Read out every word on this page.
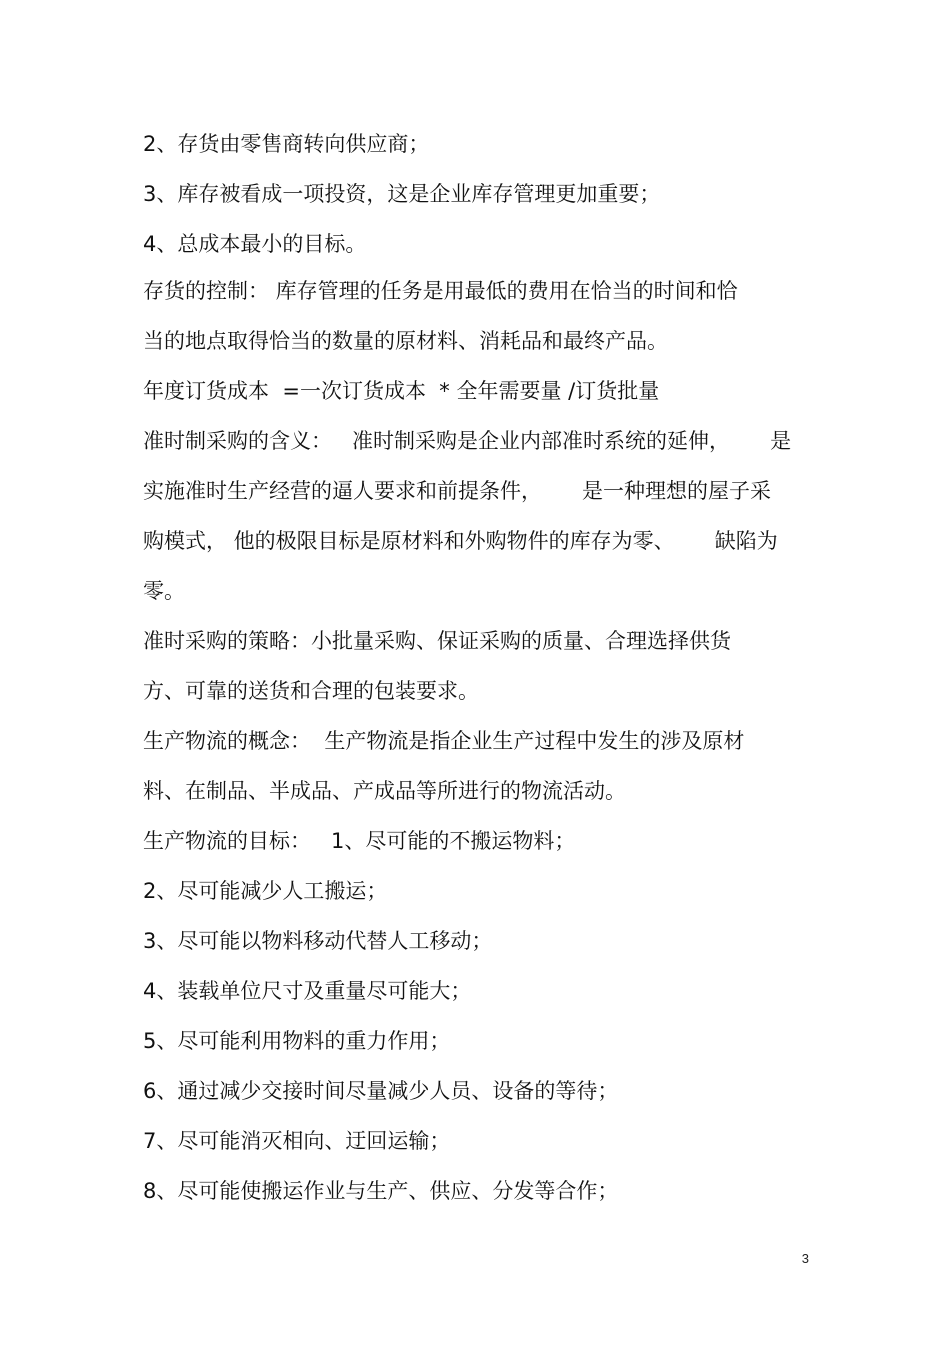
2、存货由零售商转向供应商；
3、库存被看成一项投资，这是企业库存管理更加重要；
4、总成本最小的目标。
存货的控制： 库存管理的任务是用最低的费用在恰当的时间和恰
当的地点取得恰当的数量的原材料、消耗品和最终产品。
年度订货成本  =一次订货成本  * 全年需要量 /订货批量
准时制采购的含义：   准时制采购是企业内部准时系统的延伸，      是
实施准时生产经营的逼人要求和前提条件，      是一种理想的屋子采
购模式， 他的极限目标是原材料和外购物件的库存为零、      缺陷为
零。
准时采购的策略：小批量采购、保证采购的质量、合理选择供货
方、可靠的送货和合理的包装要求。
生产物流的概念：  生产物流是指企业生产过程中发生的涉及原材
料、在制品、半成品、产成品等所进行的物流活动。
生产物流的目标：   1、尽可能的不搬运物料；
2、尽可能减少人工搬运；
3、尽可能以物料移动代替人工移动；
4、装载单位尺寸及重量尽可能大；
5、尽可能利用物料的重力作用；
6、通过减少交接时间尽量减少人员、设备的等待；
7、尽可能消灭相向、迂回运输；
8、尽可能使搬运作业与生产、供应、分发等合作；
3
